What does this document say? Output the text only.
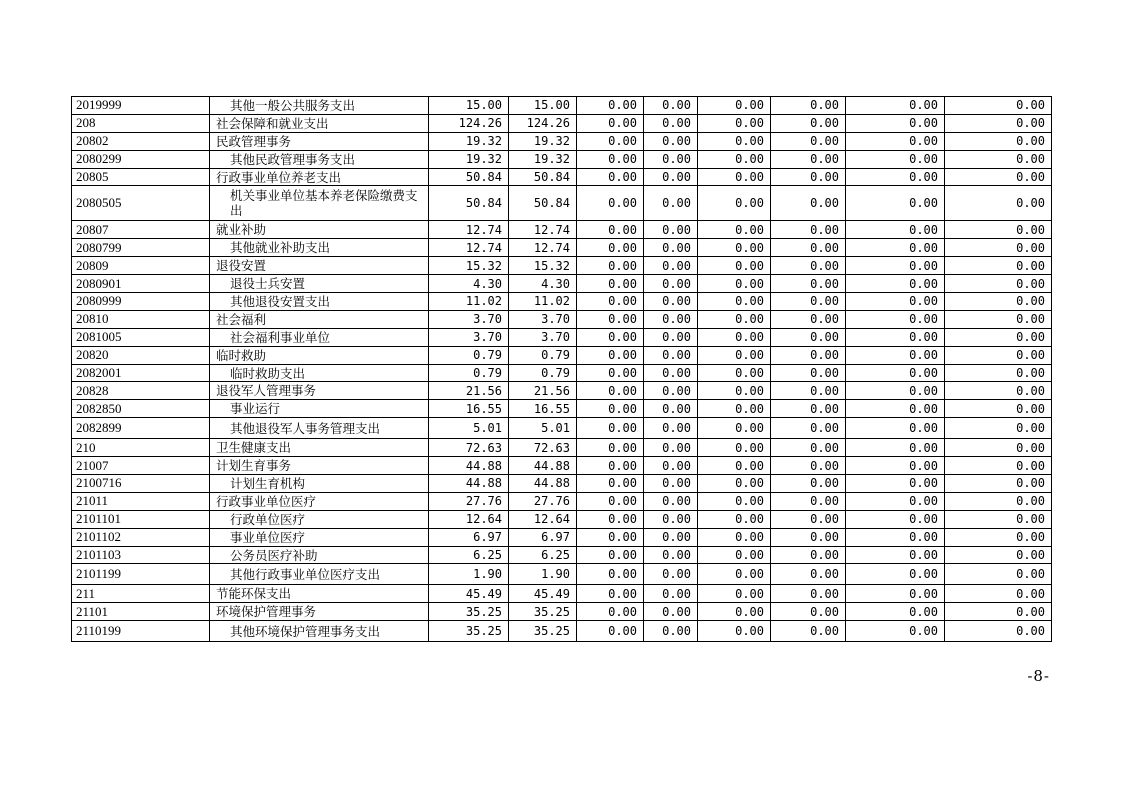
2019999	其他一般公共服务支出	15.00	15.00	0.00	0.00	0.00	0.00	0.00	0.00
208	社会保障和就业支出	124.26	124.26	0.00	0.00	0.00	0.00	0.00	0.00
20802	民政管理事务	19.32	19.32	0.00	0.00	0.00	0.00	0.00	0.00
2080299	其他民政管理事务支出	19.32	19.32	0.00	0.00	0.00	0.00	0.00	0.00
20805	行政事业单位养老支出	50.84	50.84	0.00	0.00	0.00	0.00	0.00	0.00
2080505	机关事业单位基本养老保险缴费支出	50.84	50.84	0.00	0.00	0.00	0.00	0.00	0.00
20807	就业补助	12.74	12.74	0.00	0.00	0.00	0.00	0.00	0.00
2080799	其他就业补助支出	12.74	12.74	0.00	0.00	0.00	0.00	0.00	0.00
20809	退役安置	15.32	15.32	0.00	0.00	0.00	0.00	0.00	0.00
2080901	退役士兵安置	4.30	4.30	0.00	0.00	0.00	0.00	0.00	0.00
2080999	其他退役安置支出	11.02	11.02	0.00	0.00	0.00	0.00	0.00	0.00
20810	社会福利	3.70	3.70	0.00	0.00	0.00	0.00	0.00	0.00
2081005	社会福利事业单位	3.70	3.70	0.00	0.00	0.00	0.00	0.00	0.00
20820	临时救助	0.79	0.79	0.00	0.00	0.00	0.00	0.00	0.00
2082001	临时救助支出	0.79	0.79	0.00	0.00	0.00	0.00	0.00	0.00
20828	退役军人管理事务	21.56	21.56	0.00	0.00	0.00	0.00	0.00	0.00
2082850	事业运行	16.55	16.55	0.00	0.00	0.00	0.00	0.00	0.00
2082899	其他退役军人事务管理支出	5.01	5.01	0.00	0.00	0.00	0.00	0.00	0.00
210	卫生健康支出	72.63	72.63	0.00	0.00	0.00	0.00	0.00	0.00
21007	计划生育事务	44.88	44.88	0.00	0.00	0.00	0.00	0.00	0.00
2100716	计划生育机构	44.88	44.88	0.00	0.00	0.00	0.00	0.00	0.00
21011	行政事业单位医疗	27.76	27.76	0.00	0.00	0.00	0.00	0.00	0.00
2101101	行政单位医疗	12.64	12.64	0.00	0.00	0.00	0.00	0.00	0.00
2101102	事业单位医疗	6.97	6.97	0.00	0.00	0.00	0.00	0.00	0.00
2101103	公务员医疗补助	6.25	6.25	0.00	0.00	0.00	0.00	0.00	0.00
2101199	其他行政事业单位医疗支出	1.90	1.90	0.00	0.00	0.00	0.00	0.00	0.00
211	节能环保支出	45.49	45.49	0.00	0.00	0.00	0.00	0.00	0.00
21101	环境保护管理事务	35.25	35.25	0.00	0.00	0.00	0.00	0.00	0.00
2110199	其他环境保护管理事务支出	35.25	35.25	0.00	0.00	0.00	0.00	0.00	0.00
-8-
